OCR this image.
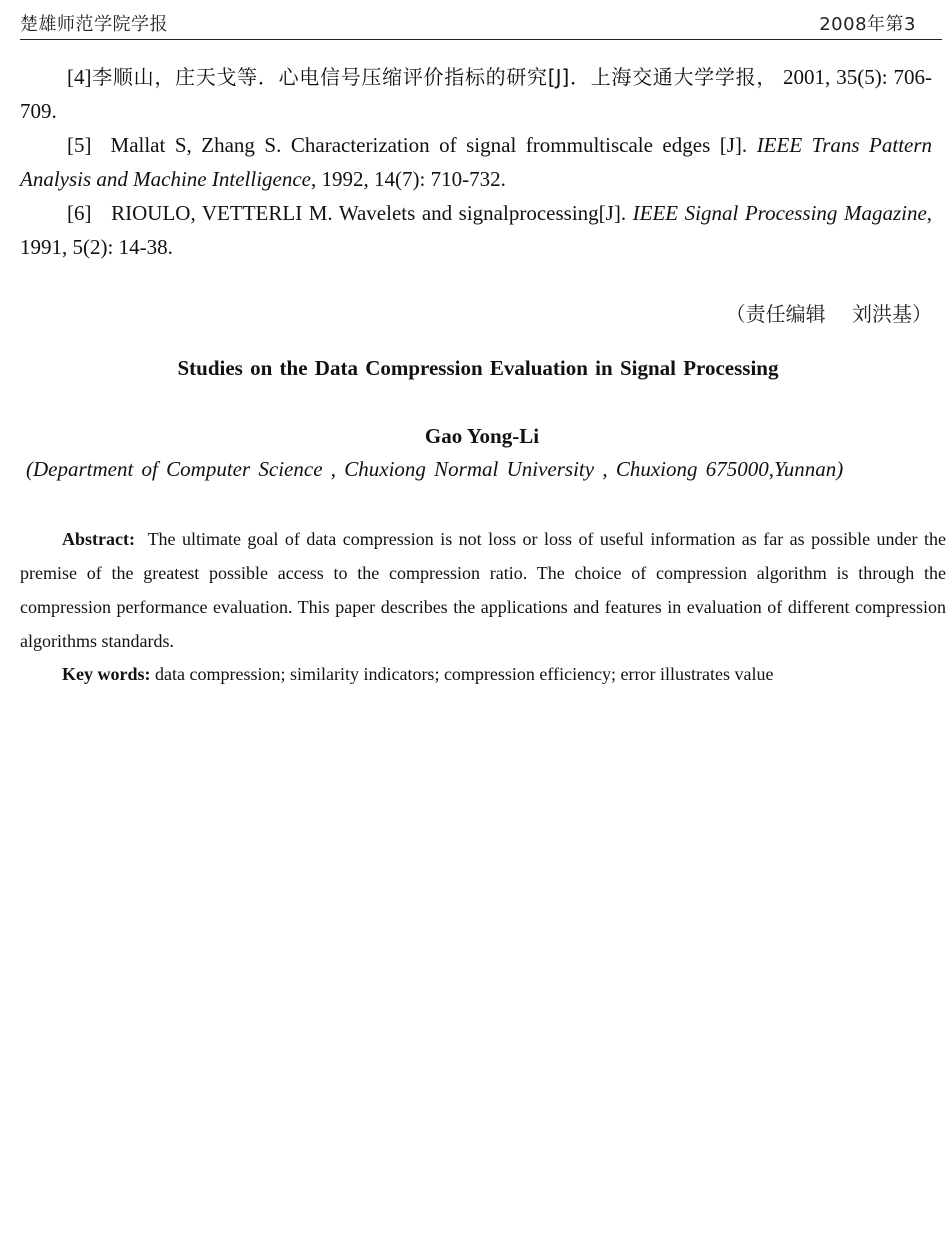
楚雄师范学院学报	2008年第3

[4]李顺山，庄天戈等．心电信号压缩评价指标的研究[J]．上海交通大学学报， 2001, 35(5): 706-709.

[5] Mallat S, Zhang S. Characterization of signal frommultiscale edges [J]. IEEE Trans Pattern Analysis and Machine Intelligence, 1992, 14(7): 710-732.

[6] RIOULO, VETTERLI M. Wavelets and signalprocessing[J]. IEEE Signal Processing Magazine, 1991, 5(2): 14-38.

（责任编辑　 刘洪基）
Studies on the Data Compression Evaluation in Signal Processing
Gao Yong-Li
(Department of Computer Science , Chuxiong Normal University , Chuxiong 675000,Yunnan)

Abstract: The ultimate goal of data compression is not loss or loss of useful information as far as possible under the premise of the greatest possible access to the compression ratio. The choice of compression algorithm is through the compression performance evaluation. This paper describes the applications and features in evaluation of different compression algorithms standards.

Key words: data compression; similarity indicators; compression efficiency; error illustrates value
